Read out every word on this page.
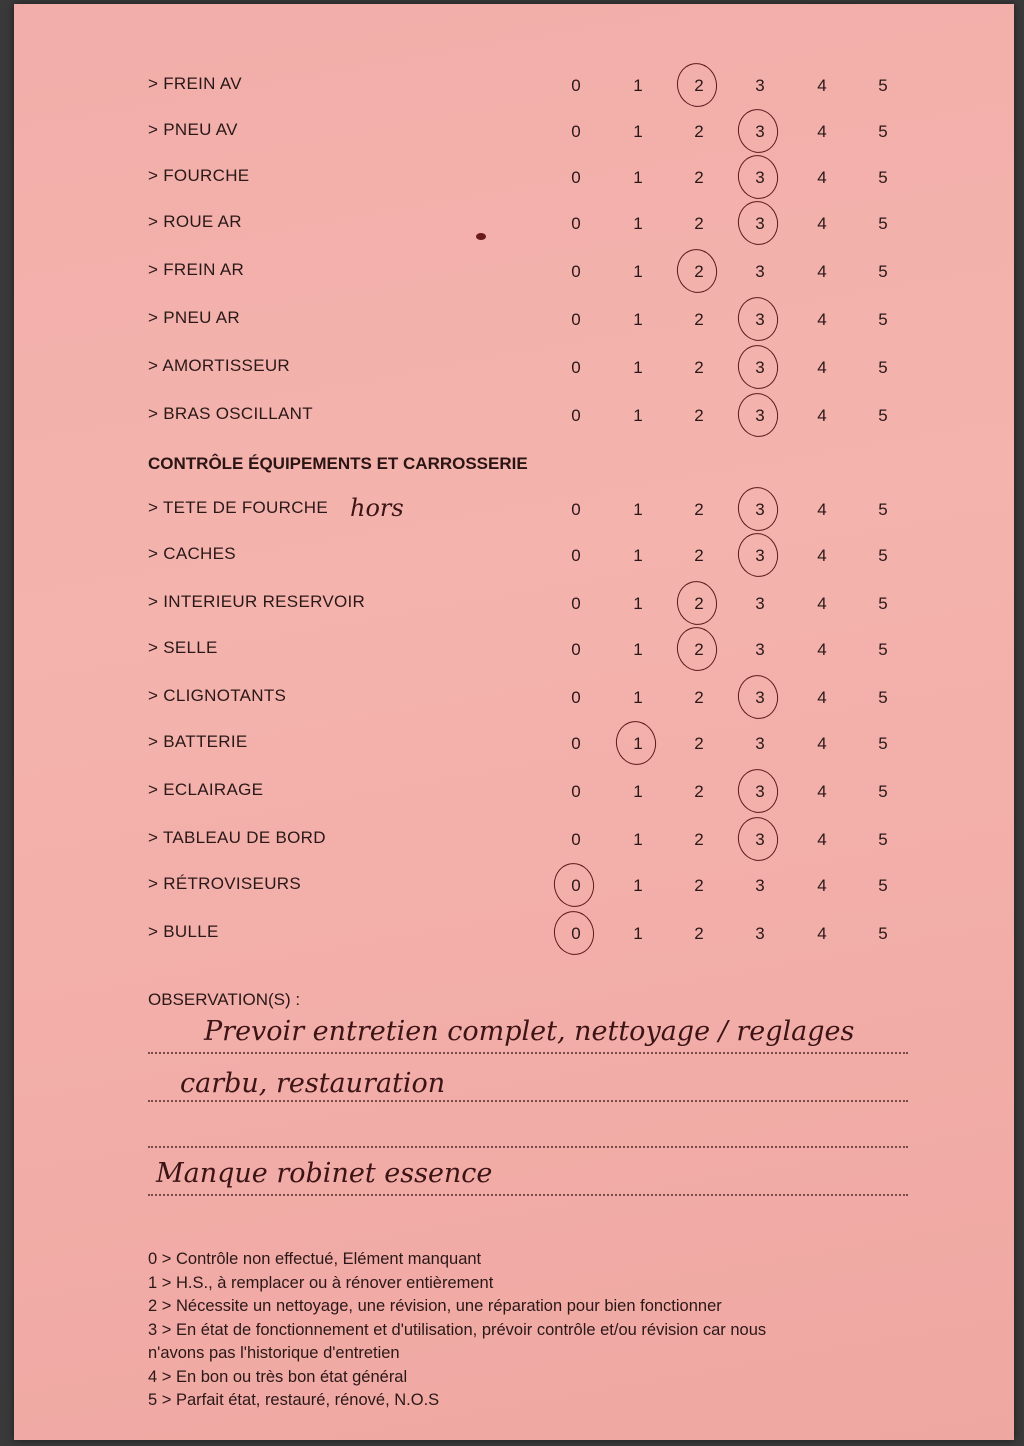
> FREIN AV	0	1	2	3	4	5
> PNEU AV	0	1	2	3	4	5
> FOURCHE	0	1	2	3	4	5
> ROUE AR	0	1	2	3	4	5
> FREIN AR	0	1	2	3	4	5
> PNEU AR	0	1	2	3	4	5
> AMORTISSEUR	0	1	2	3	4	5
> BRAS OSCILLANT	0	1	2	3	4	5
> TETE DE FOURCHE	0	1	2	3	4	5
> CACHES	0	1	2	3	4	5
> INTERIEUR RESERVOIR	0	1	2	3	4	5
> SELLE	0	1	2	3	4	5
> CLIGNOTANTS	0	1	2	3	4	5
> BATTERIE	0	1	2	3	4	5
> ECLAIRAGE	0	1	2	3	4	5
> TABLEAU DE BORD	0	1	2	3	4	5
> RÉTROVISEURS	0	1	2	3	4	5
> BULLE	0	1	2	3	4	5
CONTRÔLE ÉQUIPEMENTS ET CARROSSERIE
hors
OBSERVATION(S) :
Prevoir entretien complet, nettoyage / reglages
carbu, restauration
Manque robinet essence
0 > Contrôle non effectué, Elément manquant
1 > H.S., à remplacer ou à rénover entièrement
2 > Nécessite un nettoyage, une révision, une réparation pour bien fonctionner
3 > En état de fonctionnement et d'utilisation, prévoir contrôle et/ou révision car nous
n'avons pas l'historique d'entretien
4 > En bon ou très bon état général
5 > Parfait état, restauré, rénové, N.O.S
